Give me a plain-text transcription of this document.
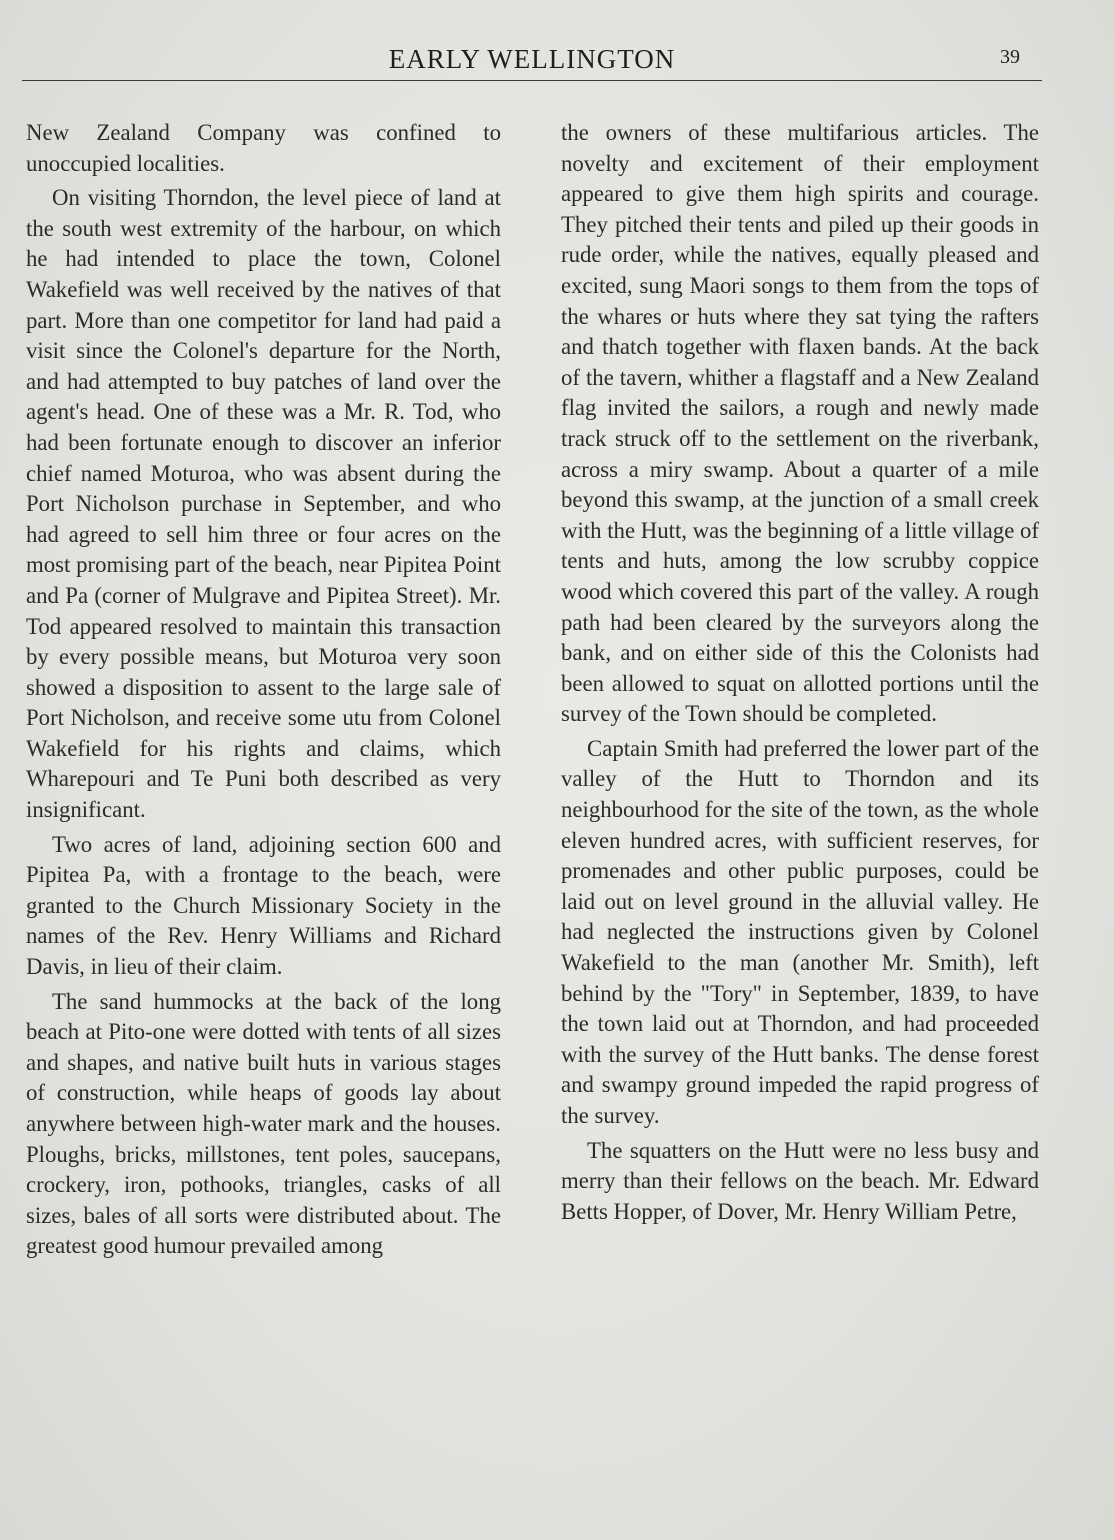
EARLY WELLINGTON	39

New Zealand Company was confined to unoccupied localities.

On visiting Thorndon, the level piece of land at the south west extremity of the harbour, on which he had intended to place the town, Colonel Wakefield was well received by the natives of that part. More than one competitor for land had paid a visit since the Colonel's departure for the North, and had attempted to buy patches of land over the agent's head. One of these was a Mr. R. Tod, who had been fortunate enough to discover an inferior chief named Moturoa, who was absent during the Port Nicholson purchase in September, and who had agreed to sell him three or four acres on the most promising part of the beach, near Pipitea Point and Pa (corner of Mulgrave and Pipitea Street). Mr. Tod appeared resolved to maintain this transaction by every possible means, but Moturoa very soon showed a disposition to assent to the large sale of Port Nicholson, and receive some utu from Colonel Wakefield for his rights and claims, which Wharepouri and Te Puni both described as very insignificant.

Two acres of land, adjoining section 600 and Pipitea Pa, with a frontage to the beach, were granted to the Church Missionary Society in the names of the Rev. Henry Williams and Richard Davis, in lieu of their claim.

The sand hummocks at the back of the long beach at Pito-one were dotted with tents of all sizes and shapes, and native built huts in various stages of construction, while heaps of goods lay about anywhere between high-water mark and the houses. Ploughs, bricks, millstones, tent poles, saucepans, crockery, iron, pothooks, triangles, casks of all sizes, bales of all sorts were distributed about. The greatest good humour prevailed among

the owners of these multifarious articles. The novelty and excitement of their employment appeared to give them high spirits and courage. They pitched their tents and piled up their goods in rude order, while the natives, equally pleased and excited, sung Maori songs to them from the tops of the whares or huts where they sat tying the rafters and thatch together with flaxen bands. At the back of the tavern, whither a flagstaff and a New Zealand flag invited the sailors, a rough and newly made track struck off to the settlement on the riverbank, across a miry swamp. About a quarter of a mile beyond this swamp, at the junction of a small creek with the Hutt, was the beginning of a little village of tents and huts, among the low scrubby coppice wood which covered this part of the valley. A rough path had been cleared by the surveyors along the bank, and on either side of this the Colonists had been allowed to squat on allotted portions until the survey of the Town should be completed.

Captain Smith had preferred the lower part of the valley of the Hutt to Thorndon and its neighbourhood for the site of the town, as the whole eleven hundred acres, with sufficient reserves, for promenades and other public purposes, could be laid out on level ground in the alluvial valley. He had neglected the instructions given by Colonel Wakefield to the man (another Mr. Smith), left behind by the "Tory" in September, 1839, to have the town laid out at Thorndon, and had proceeded with the survey of the Hutt banks. The dense forest and swampy ground impeded the rapid progress of the survey.

The squatters on the Hutt were no less busy and merry than their fellows on the beach. Mr. Edward Betts Hopper, of Dover, Mr. Henry William Petre,
